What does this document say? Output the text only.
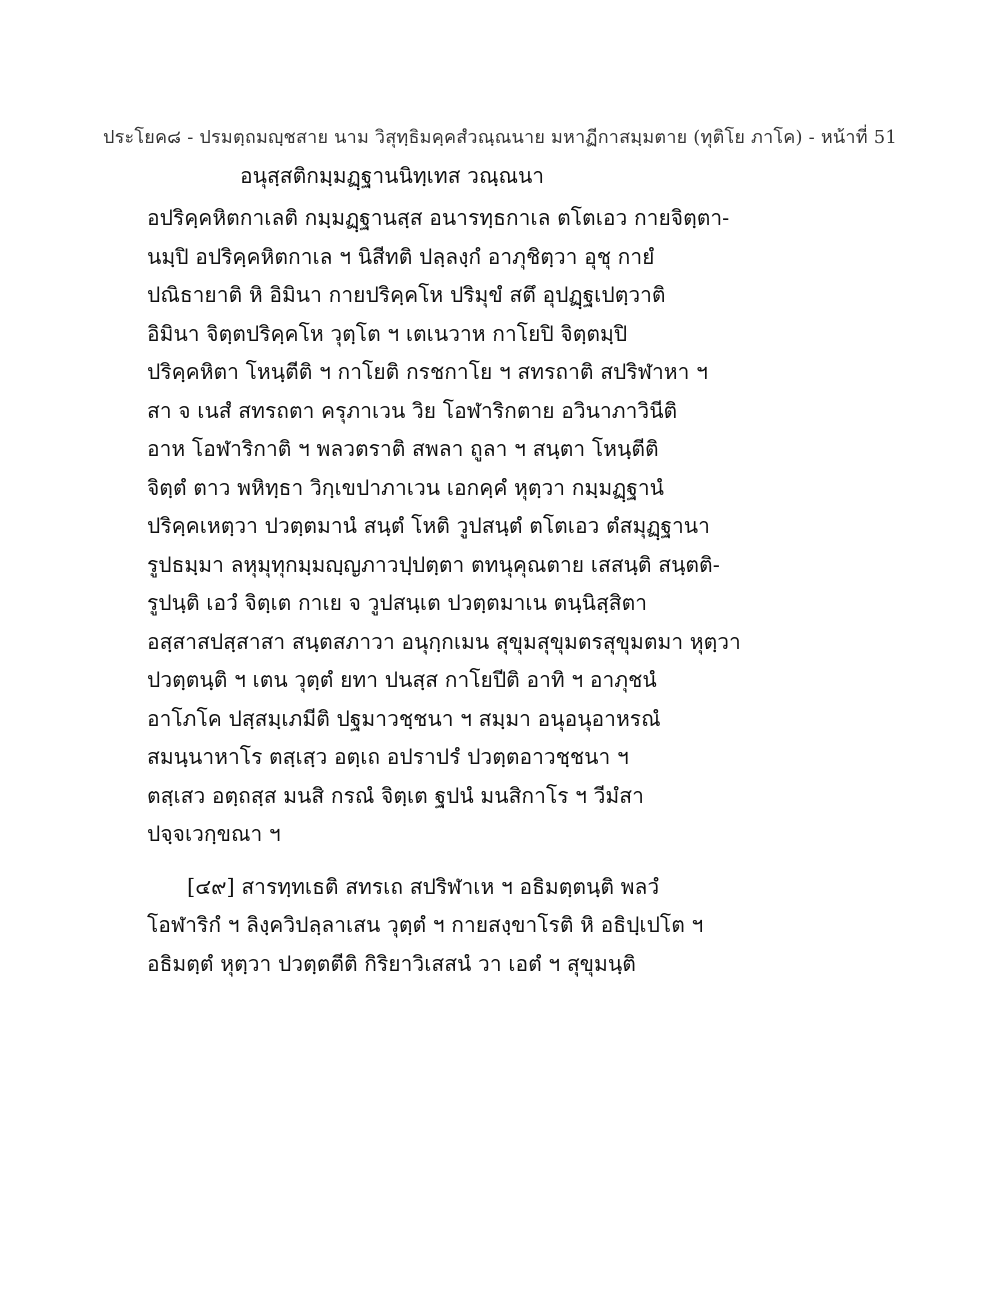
ประโยค๘ - ปรมตฺถมญฺชสาย นาม วิสุทฺธิมคฺคสํวณฺณนาย มหาฏีกาสมฺมตาย (ทุติโย ภาโค) - หน้าที่ 51
อนุสฺสติกมฺมฏฺฐานนิทฺเทส วณฺณนา
อปริคฺคหิตกาเลติ กมฺมฏฺฐานสฺส อนารทฺธกาเล ตโตเอว กายจิตฺตา-
นมฺปิ อปริคฺคหิตกาเล ฯ นิสีทติ ปลฺลงฺกํ อาภุชิตฺวา อุชุ กายํ
ปณิธายาติ หิ อิมินา กายปริคฺคโห ปริมุขํ สตึ อุปฏฺฐเปตฺวาติ
อิมินา จิตฺตปริคฺคโห วุตฺโต ฯ เตเนวาห กาโยปิ จิตฺตมฺปิ
ปริคฺคหิตา โหนฺตีติ ฯ กาโยติ กรชกาโย ฯ สทรถาติ สปริฬาหา ฯ
สา จ เนสํ สทรถตา ครุภาเวน วิย โอฬาริกตาย อวินาภาวินีติ
อาห โอฬาริกาติ ฯ พลวตราติ สพลา ถูลา ฯ สนฺตา โหนฺตีติ
จิตฺตํ ตาว พหิทฺธา วิกฺเขปาภาเวน เอกคฺคํ หุตฺวา กมฺมฏฺฐานํ
ปริคฺคเหตฺวา ปวตฺตมานํ สนฺตํ โหติ วูปสนฺตํ ตโตเอว ตํสมุฏฺฐานา
รูปธมฺมา ลหุมุทุกมฺมญฺญภาวปฺปตฺตา ตทนุคุณตาย เสสนฺติ สนฺตติ-
รูปนฺติ เอวํ จิตฺเต กาเย จ วูปสนฺเต ปวตฺตมาเน ตนฺนิสฺสิตา
อสฺสาสปสฺสาสา สนฺตสภาวา อนุกฺกเมน สุขุมสุขุมตรสุขุมตมา หุตฺวา
ปวตฺตนฺติ ฯ เตน วุตฺตํ ยทา ปนสฺส กาโยปีติ อาทิ ฯ อาภุชนํ
อาโภโค ปสฺสมฺเภมีติ ปฐมาวชฺชนา ฯ สมฺมา อนุอนุอาหรณํ
สมนฺนาหาโร ตสฺเสฺว อตฺเถ อปราปรํ ปวตฺตอาวชฺชนา ฯ
ตสฺเสว อตฺถสฺส มนสิ กรณํ จิตฺเต ฐปนํ มนสิกาโร ฯ วีมํสา
ปจฺจเวกฺขณา ฯ
[๔๙] สารทฺทเธติ สทรเถ สปริฬาเห ฯ อธิมตฺตนฺติ พลวํ
โอฬาริกํ ฯ ลิงฺควิปลฺลาเสน วุตฺตํ ฯ กายสงฺขาโรติ หิ อธิปฺเปโต ฯ
อธิมตฺตํ หุตฺวา ปวตฺตตีติ กิริยาวิเสสนํ วา เอตํ ฯ สุขุมนฺติ
